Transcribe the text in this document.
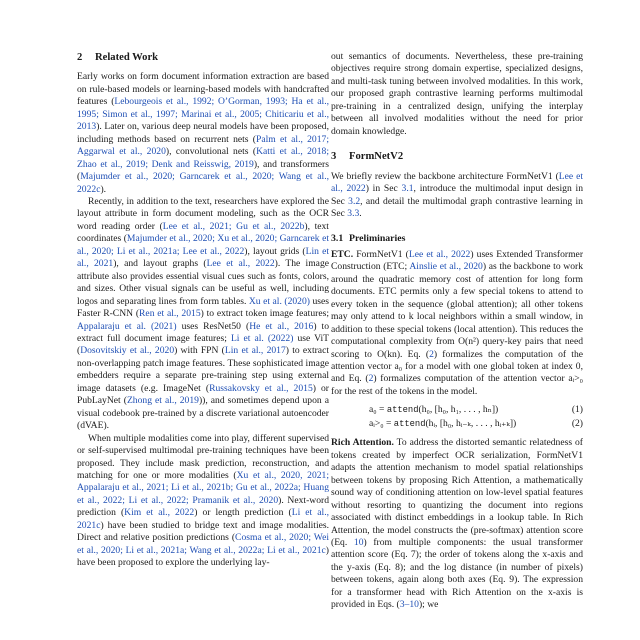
2 Related Work

Early works on form document information extraction are based on rule-based models or learning-based models with handcrafted features (Lebourgeois et al., 1992; O’Gorman, 1993; Ha et al., 1995; Simon et al., 1997; Marinai et al., 2005; Chiticariu et al., 2013). Later on, various deep neural models have been proposed, including methods based on recurrent nets (Palm et al., 2017; Aggarwal et al., 2020), convolutional nets (Katti et al., 2018; Zhao et al., 2019; Denk and Reisswig, 2019), and transformers (Majumder et al., 2020; Garncarek et al., 2020; Wang et al., 2022c).

Recently, in addition to the text, researchers have explored the layout attribute in form document modeling, such as the OCR word reading order (Lee et al., 2021; Gu et al., 2022b), text coordinates (Majumder et al., 2020; Xu et al., 2020; Garncarek et al., 2020; Li et al., 2021a; Lee et al., 2022), layout grids (Lin et al., 2021), and layout graphs (Lee et al., 2022). The image attribute also provides essential visual cues such as fonts, colors, and sizes. Other visual signals can be useful as well, including logos and separating lines from form tables. Xu et al. (2020) uses Faster R-CNN (Ren et al., 2015) to extract token image features; Appalaraju et al. (2021) uses ResNet50 (He et al., 2016) to extract full document image features; Li et al. (2022) use ViT (Dosovitskiy et al., 2020) with FPN (Lin et al., 2017) to extract non-overlapping patch image features. These sophisticated image embedders require a separate pre-training step using external image datasets (e.g. ImageNet (Russakovsky et al., 2015) or PubLayNet (Zhong et al., 2019)), and sometimes depend upon a visual codebook pre-trained by a discrete variational autoencoder (dVAE).

When multiple modalities come into play, different supervised or self-supervised multimodal pre-training techniques have been proposed. They include mask prediction, reconstruction, and matching for one or more modalities (Xu et al., 2020, 2021; Appalaraju et al., 2021; Li et al., 2021b; Gu et al., 2022a; Huang et al., 2022; Li et al., 2022; Pramanik et al., 2020). Next-word prediction (Kim et al., 2022) or length prediction (Li et al., 2021c) have been studied to bridge text and image modalities. Direct and relative position predictions (Cosma et al., 2020; Wei et al., 2020; Li et al., 2021a; Wang et al., 2022a; Li et al., 2021c) have been proposed to explore the underlying lay-

out semantics of documents. Nevertheless, these pre-training objectives require strong domain expertise, specialized designs, and multi-task tuning between involved modalities. In this work, our proposed graph contrastive learning performs multimodal pre-training in a centralized design, unifying the interplay between all involved modalities without the need for prior domain knowledge.

3 FormNetV2

We briefly review the backbone architecture FormNetV1 (Lee et al., 2022) in Sec 3.1, introduce the multimodal input design in Sec 3.2, and detail the multimodal graph contrastive learning in Sec 3.3.

3.1 Preliminaries

ETC. FormNetV1 (Lee et al., 2022) uses Extended Transformer Construction (ETC; Ainslie et al., 2020) as the backbone to work around the quadratic memory cost of attention for long form documents. ETC permits only a few special tokens to attend to every token in the sequence (global attention); all other tokens may only attend to k local neighbors within a small window, in addition to these special tokens (local attention). This reduces the computational complexity from O(n²) query-key pairs that need scoring to O(kn). Eq. (2) formalizes the computation of the attention vector a₀ for a model with one global token at index 0, and Eq. (2) formalizes computation of the attention vector aᵢ>₀ for the rest of the tokens in the model.

a₀ = attend(h₀, [h₀, h₁, . . . , hₙ])	(1)
aᵢ>₀ = attend(hᵢ, [h₀, hᵢ₋ₖ, . . . , hᵢ₊ₖ])	(2)

Rich Attention. To address the distorted semantic relatedness of tokens created by imperfect OCR serialization, FormNetV1 adapts the attention mechanism to model spatial relationships between tokens by proposing Rich Attention, a mathematically sound way of conditioning attention on low-level spatial features without resorting to quantizing the document into regions associated with distinct embeddings in a lookup table. In Rich Attention, the model constructs the (pre-softmax) attention score (Eq. 10) from multiple components: the usual transformer attention score (Eq. 7); the order of tokens along the x-axis and the y-axis (Eq. 8); and the log distance (in number of pixels) between tokens, again along both axes (Eq. 9). The expression for a transformer head with Rich Attention on the x-axis is provided in Eqs. (3–10); we
